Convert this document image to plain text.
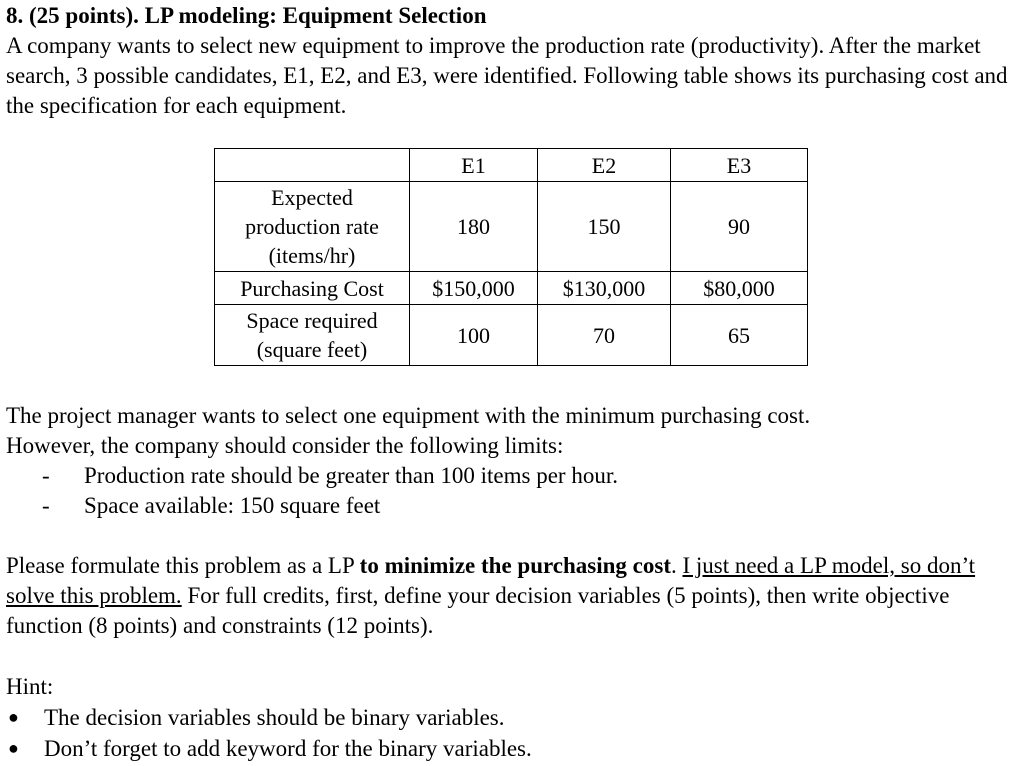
8. (25 points). LP modeling: Equipment Selection

A company wants to select new equipment to improve the production rate (productivity). After the market search, 3 possible candidates, E1, E2, and E3, were identified. Following table shows its purchasing cost and the specification for each equipment.

	E1	E2	E3

Expected
production rate
(items/hr)	180	150	90

Purchasing Cost	$150,000	$130,000	$80,000

Space required
(square feet)	100	70	65

The project manager wants to select one equipment with the minimum purchasing cost.

However, the company should consider the following limits:

- Production rate should be greater than 100 items per hour.
- Space available: 150 square feet

Please formulate this problem as a LP to minimize the purchasing cost. I just need a LP model, so don’t solve this problem. For full credits, first, define your decision variables (5 points), then write objective function (8 points) and constraints (12 points).

Hint:

● The decision variables should be binary variables.
● Don’t forget to add keyword for the binary variables.
